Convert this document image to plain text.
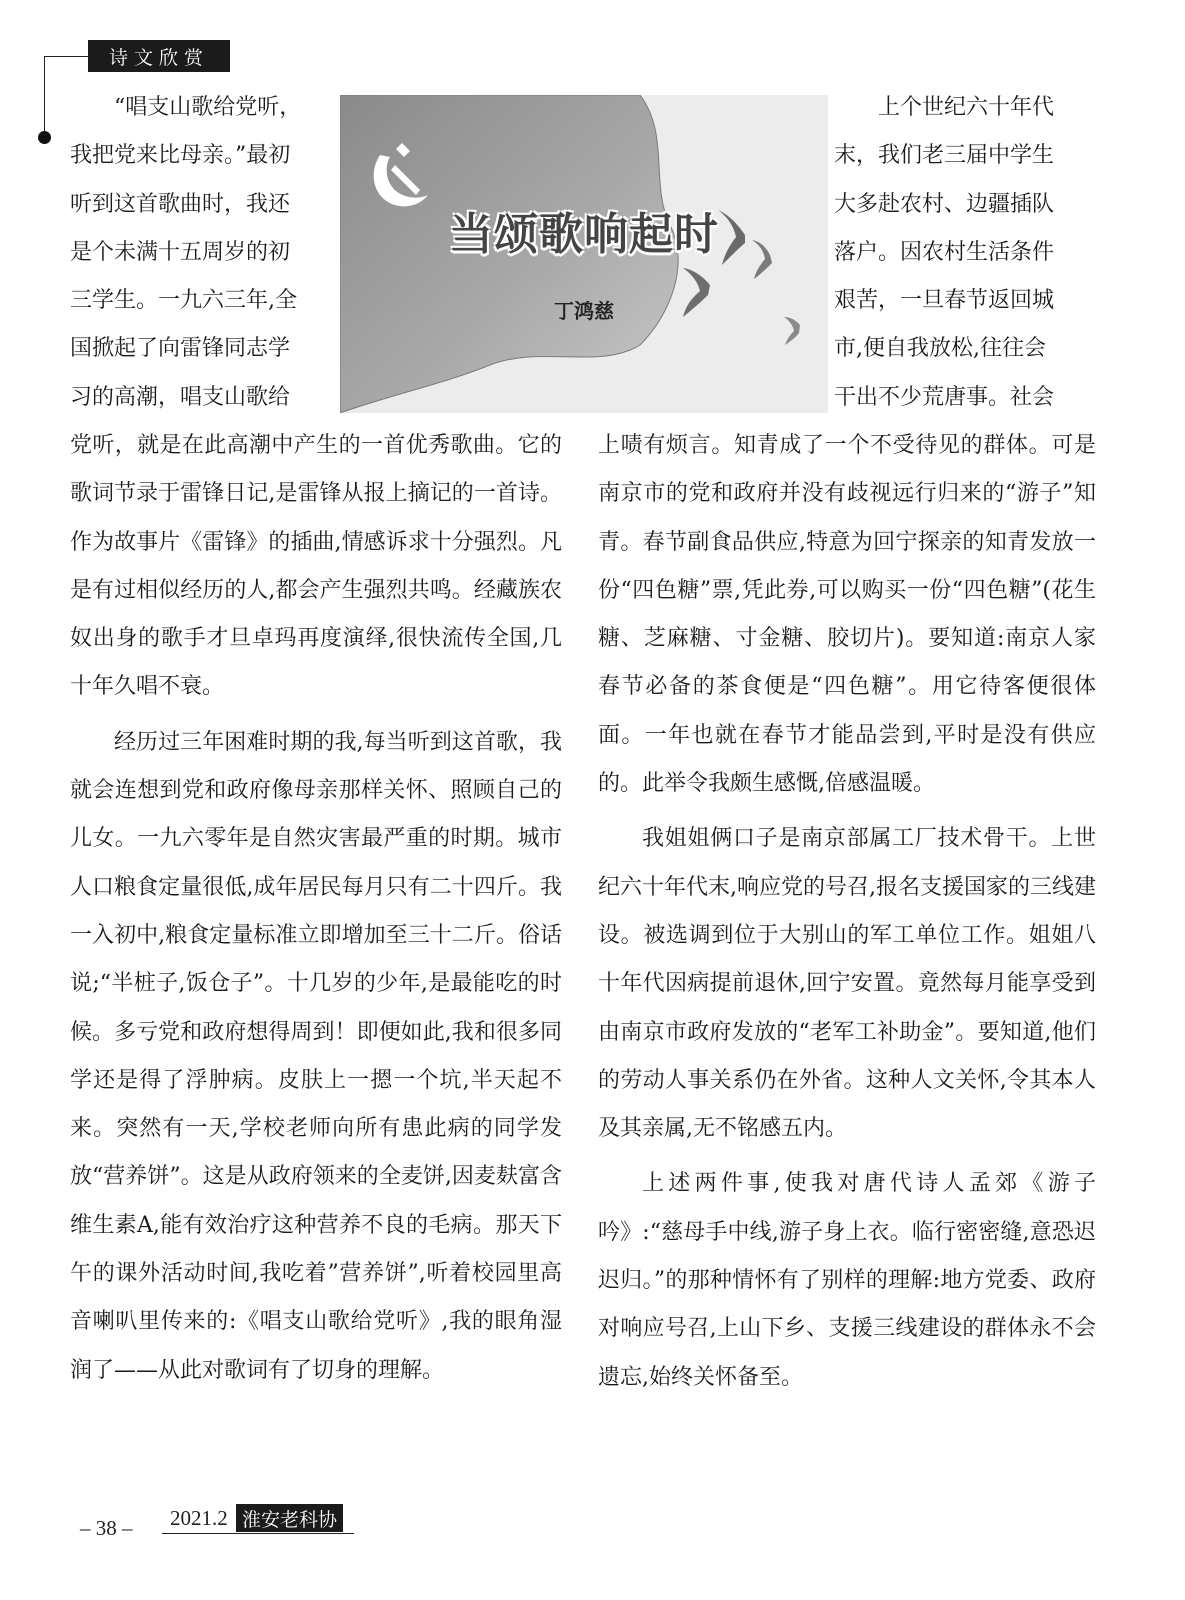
诗文欣赏

“唱支山歌给党听，

我把党来比母亲。”最初

听到这首歌曲时，我还

是个未满十五周岁的初

三学生。一九六三年,全

国掀起了向雷锋同志学

习的高潮，唱支山歌给

当颂歌响起时
丁鸿慈

上个世纪六十年代

末，我们老三届中学生

大多赴农村、边疆插队

落户。因农村生活条件

艰苦，一旦春节返回城

市,便自我放松,往往会

干出不少荒唐事。社会

党听，就是在此高潮中产生的一首优秀歌曲。它的歌词节录于雷锋日记,是雷锋从报上摘记的一首诗。作为故事片《雷锋》的插曲,情感诉求十分强烈。凡是有过相似经历的人,都会产生强烈共鸣。经藏族农奴出身的歌手才旦卓玛再度演绎,很快流传全国,几十年久唱不衰。

经历过三年困难时期的我,每当听到这首歌，我就会连想到党和政府像母亲那样关怀、照顾自己的儿女。一九六零年是自然灾害最严重的时期。城市人口粮食定量很低,成年居民每月只有二十四斤。我一入初中,粮食定量标准立即增加至三十二斤。俗话说;“半桩子,饭仓子”。十几岁的少年,是最能吃的时候。多亏党和政府想得周到！即便如此,我和很多同学还是得了浮肿病。皮肤上一摁一个坑,半天起不来。突然有一天,学校老师向所有患此病的同学发放“营养饼”。这是从政府领来的全麦饼,因麦麸富含维生素A,能有效治疗这种营养不良的毛病。那天下午的课外活动时间,我吃着”营养饼”,听着校园里高音喇叭里传来的:《唱支山歌给党听》,我的眼角湿润了——从此对歌词有了切身的理解。

上啧有烦言。知青成了一个不受待见的群体。可是南京市的党和政府并没有歧视远行归来的“游子”知青。春节副食品供应,特意为回宁探亲的知青发放一份“四色糖”票,凭此券,可以购买一份“四色糖”(花生糖、芝麻糖、寸金糖、胶切片)。要知道:南京人家春节必备的茶食便是“四色糖”。用它待客便很体面。一年也就在春节才能品尝到,平时是没有供应的。此举令我颇生感慨,倍感温暖。

我姐姐俩口子是南京部属工厂技术骨干。上世纪六十年代末,响应党的号召,报名支援国家的三线建设。被选调到位于大别山的军工单位工作。姐姐八十年代因病提前退休,回宁安置。竟然每月能享受到由南京市政府发放的“老军工补助金”。要知道,他们的劳动人事关系仍在外省。这种人文关怀,令其本人及其亲属,无不铭感五内。

上述两件事,使我对唐代诗人孟郊《游子吟》:“慈母手中线,游子身上衣。临行密密缝,意恐迟迟归。”的那种情怀有了别样的理解:地方党委、政府对响应号召,上山下乡、支援三线建设的群体永不会遗忘,始终关怀备至。

– 38 – 2021.2 淮安老科协
